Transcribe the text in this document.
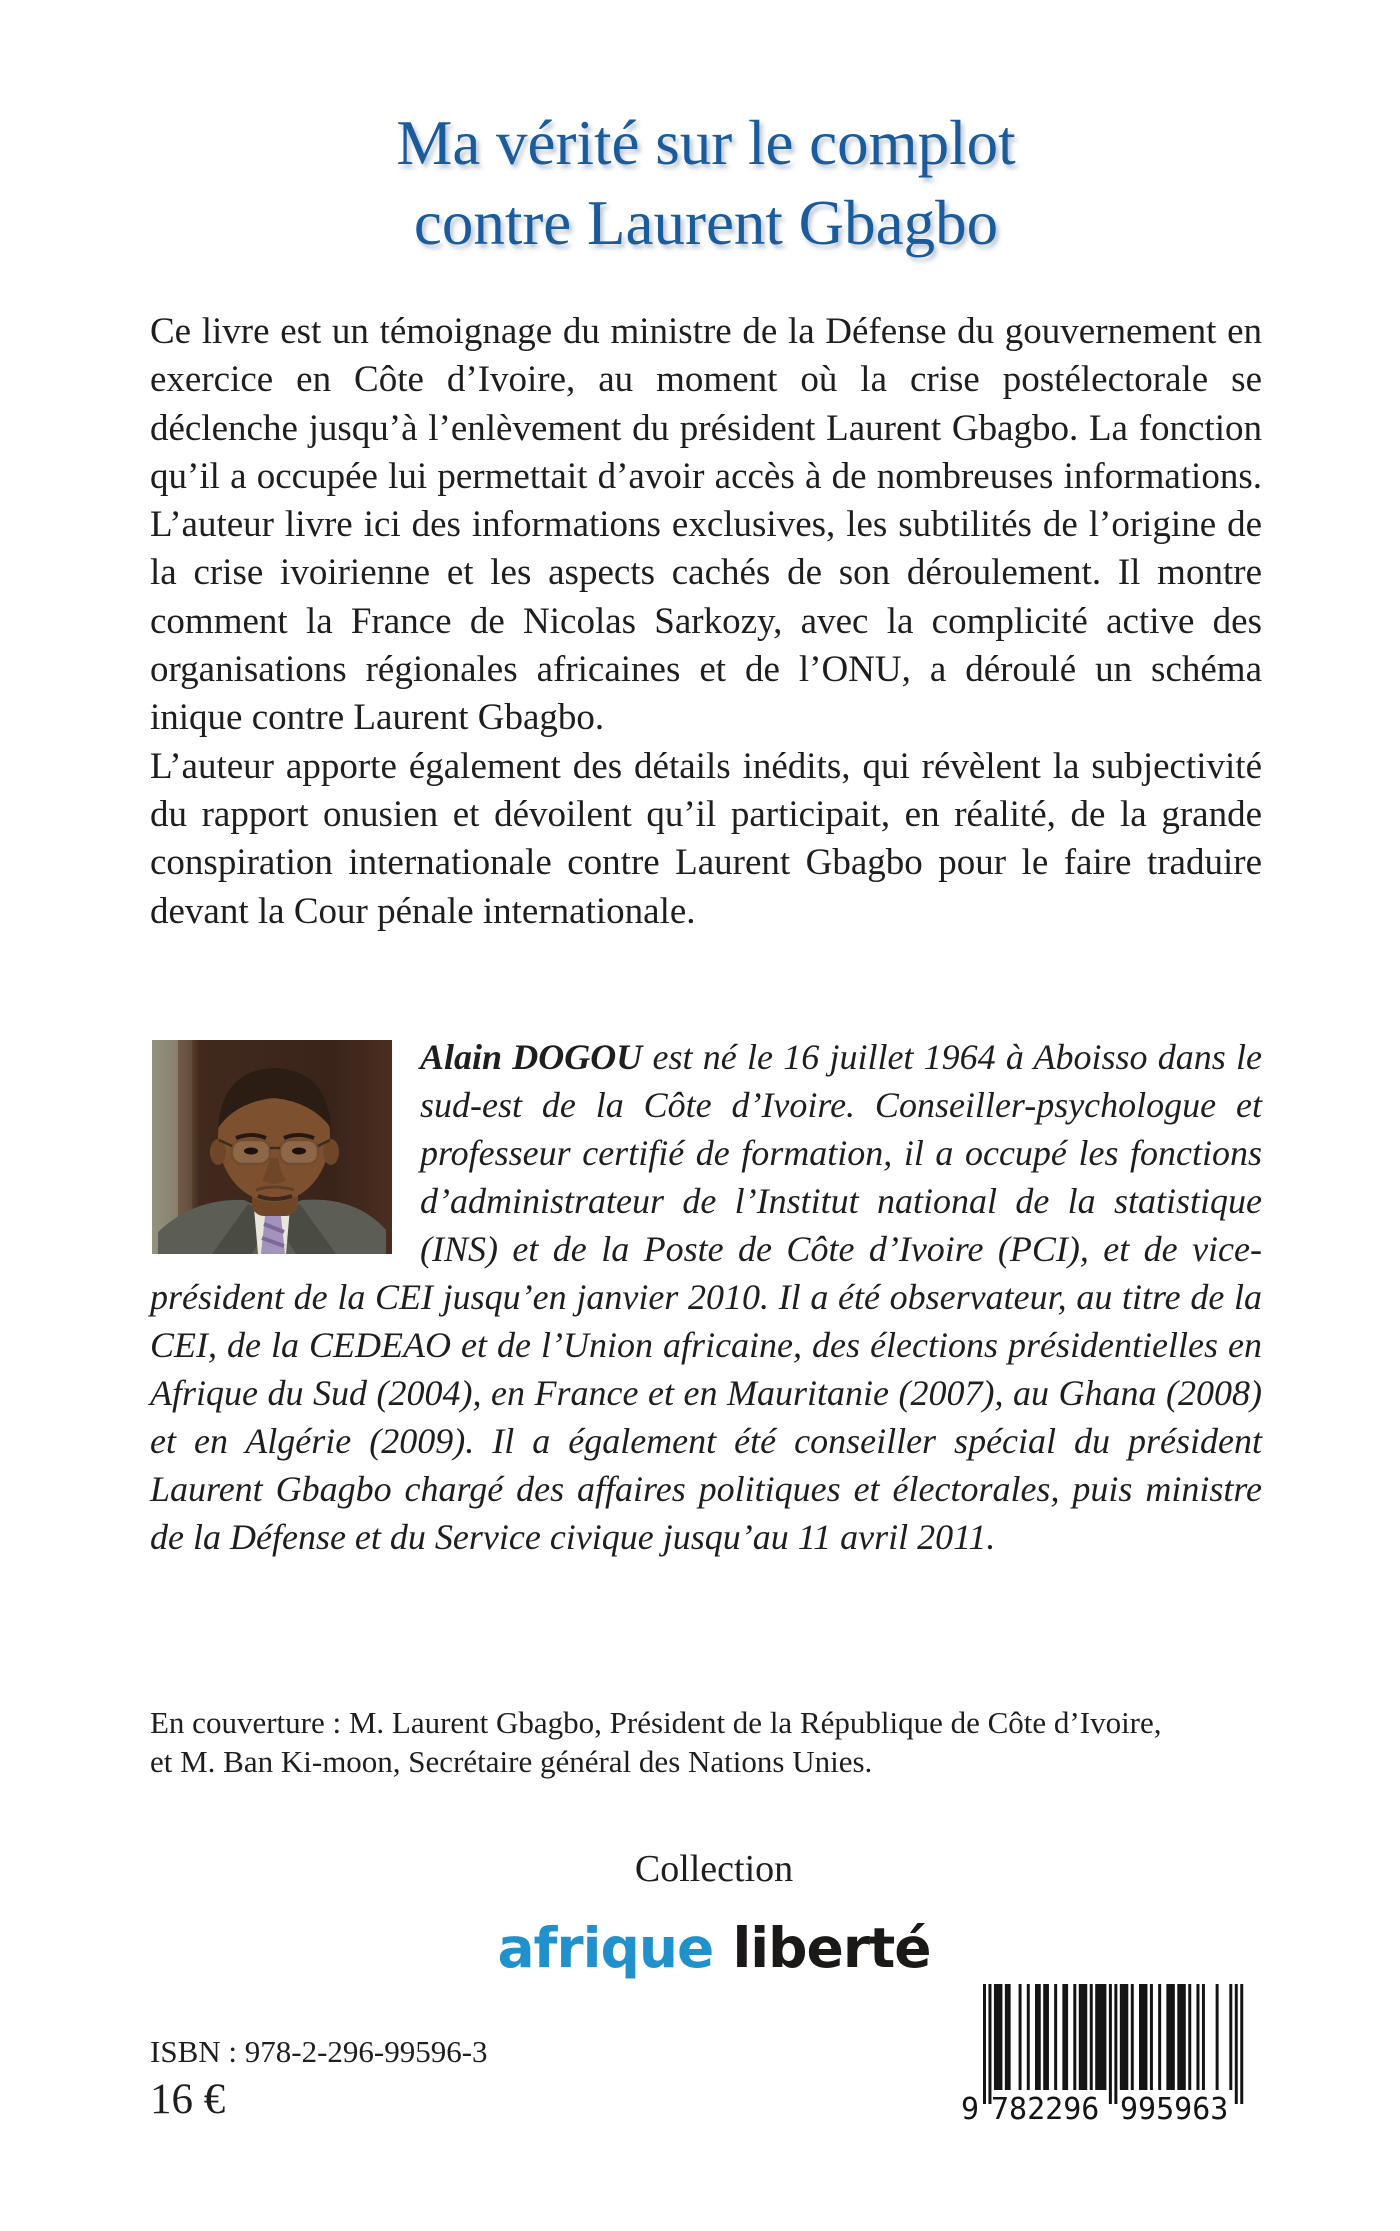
Ma vérité sur le complot
contre Laurent Gbagbo

Ce livre est un témoignage du ministre de la Défense du gouvernement en exercice en Côte d’Ivoire, au moment où la crise postélectorale se déclenche jusqu’à l’enlèvement du président Laurent Gbagbo. La fonction qu’il a occupée lui permettait d’avoir accès à de nombreuses informations. L’auteur livre ici des informations exclusives, les subtilités de l’origine de la crise ivoirienne et les aspects cachés de son déroulement. Il montre comment la France de Nicolas Sarkozy, avec la complicité active des organisations régionales africaines et de l’ONU, a déroulé un schéma inique contre Laurent Gbagbo.

L’auteur apporte également des détails inédits, qui révèlent la subjectivité du rapport onusien et dévoilent qu’il participait, en réalité, de la grande conspiration internationale contre Laurent Gbagbo pour le faire traduire devant la Cour pénale internationale.

Alain DOGOU est né le 16 juillet 1964 à Aboisso dans le sud-est de la Côte d’Ivoire. Conseiller-psychologue et professeur certifié de formation, il a occupé les fonctions d’administrateur de l’Institut national de la statistique (INS) et de la Poste de Côte d’Ivoire (PCI), et de vice-président de la CEI jusqu’en janvier 2010. Il a été observateur, au titre de la CEI, de la CEDEAO et de l’Union africaine, des élections présidentielles en Afrique du Sud (2004), en France et en Mauritanie (2007), au Ghana (2008) et en Algérie (2009). Il a également été conseiller spécial du président Laurent Gbagbo chargé des affaires politiques et électorales, puis ministre de la Défense et du Service civique jusqu’au 11 avril 2011.
En couverture : M. Laurent Gbagbo, Président de la République de Côte d’Ivoire,
et M. Ban Ki-moon, Secrétaire général des Nations Unies.
Collection
afrique liberté
ISBN : 978-2-296-99596-3
16 €	9 782296 995963
